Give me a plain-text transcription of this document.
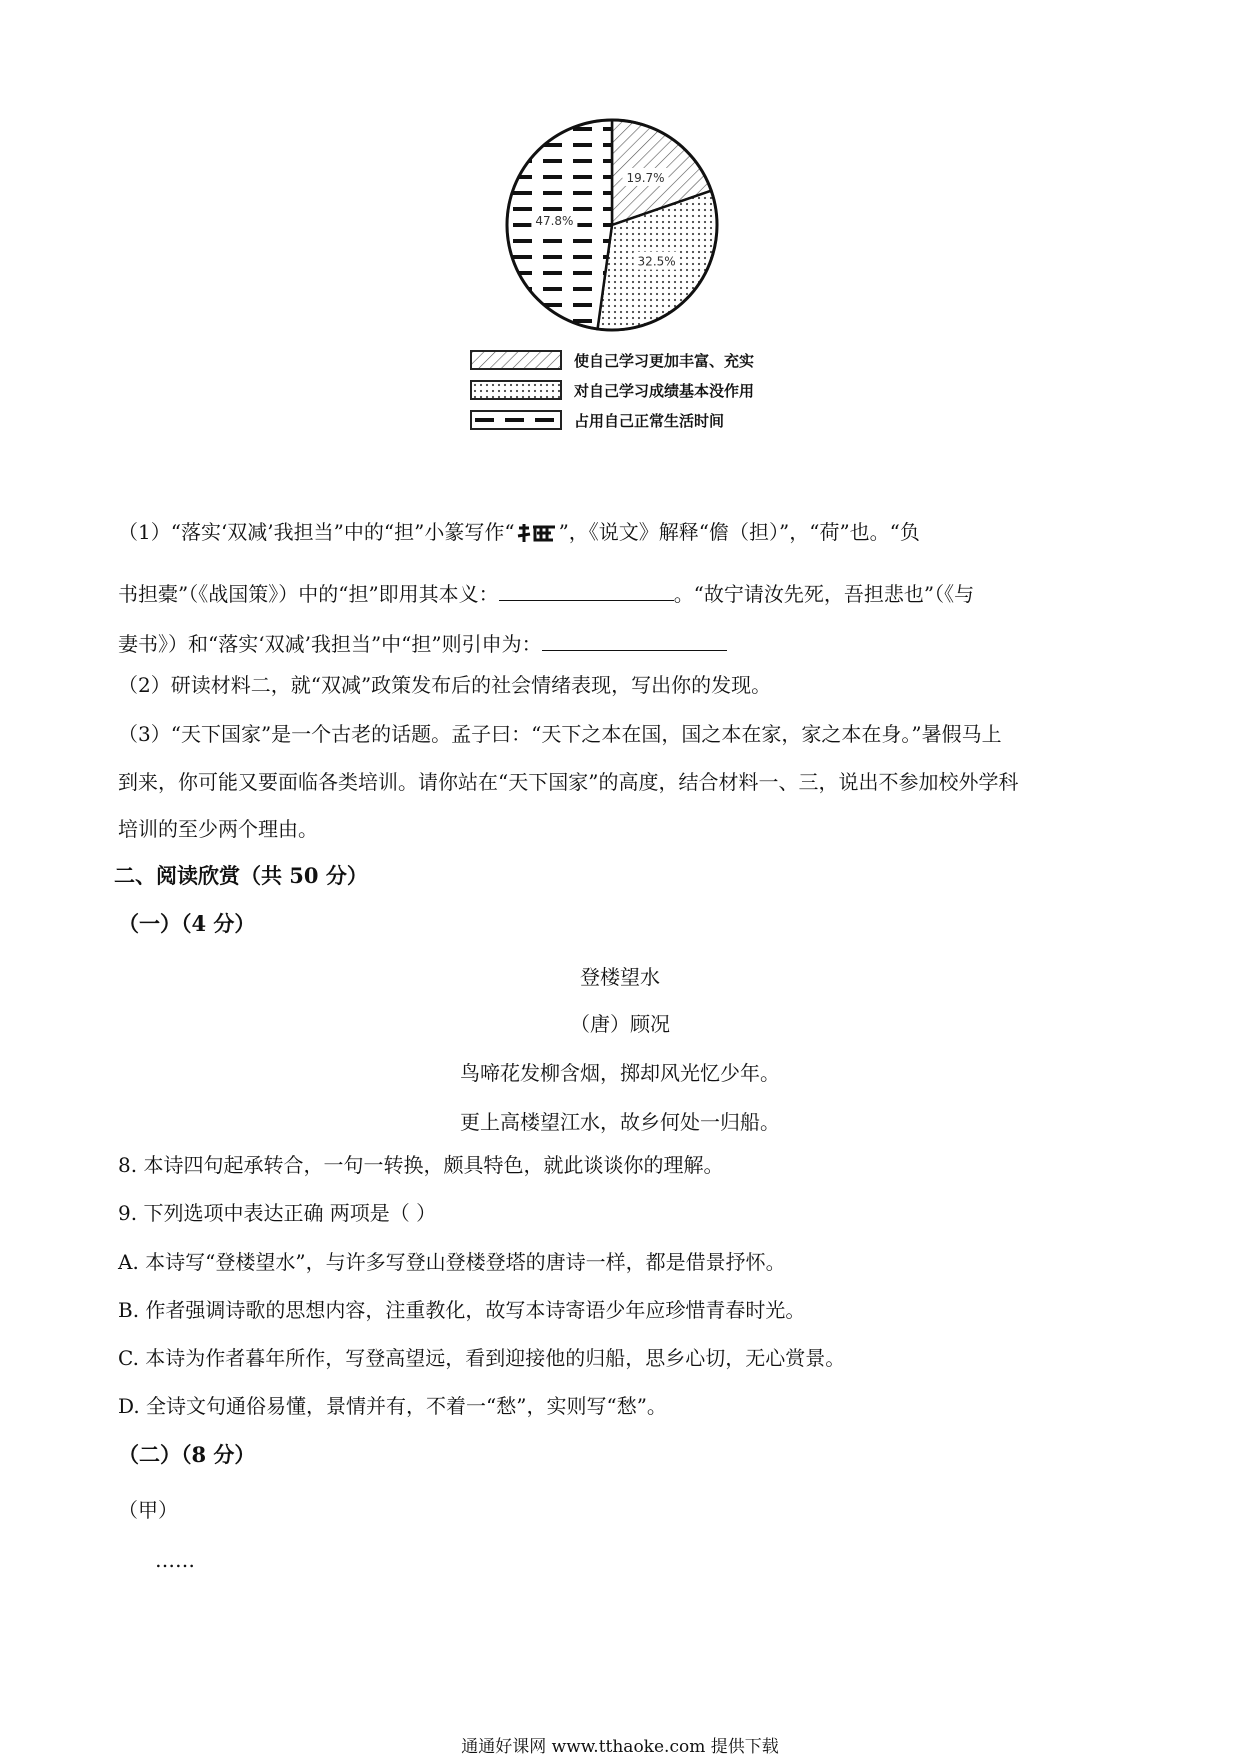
19.7%
32.5%
47.8%
使自己学习更加丰富、充实
对自己学习成绩基本没作用
占用自己正常生活时间
（1）“落实‘双减’我担当”中的“担”小篆写作“ ”，《说文》解释“儋（担）”，“荷”也。“负
书担橐”（《战国策》）中的“担”即用其本义：	。“故宁请汝先死，吾担悲也”（《与
妻书》）和“落实‘双减’我担当”中“担”则引申为：
（2）研读材料二，就“双减”政策发布后的社会情绪表现，写出你的发现。
（3）“天下国家”是一个古老的话题。孟子曰：“天下之本在国，国之本在家，家之本在身。”暑假马上
到来，你可能又要面临各类培训。请你站在“天下国家”的高度，结合材料一、三，说出不参加校外学科
培训的至少两个理由。
二、阅读欣赏（共 50 分）
（一）（4 分）
登楼望水
（唐）顾况
鸟啼花发柳含烟，掷却风光忆少年。
更上高楼望江水，故乡何处一归船。
8. 本诗四句起承转合，一句一转换，颇具特色，就此谈谈你的理解。
9. 下列选项中表达正确 两项是（ ）
A. 本诗写“登楼望水”，与许多写登山登楼登塔的唐诗一样，都是借景抒怀。
B. 作者强调诗歌的思想内容，注重教化，故写本诗寄语少年应珍惜青春时光。
C. 本诗为作者暮年所作，写登高望远，看到迎接他的归船，思乡心切，无心赏景。
D. 全诗文句通俗易懂，景情并有，不着一“愁”，实则写“愁”。
（二）（8 分）
（甲）
……
通通好课网 www.tthaoke.com 提供下载
